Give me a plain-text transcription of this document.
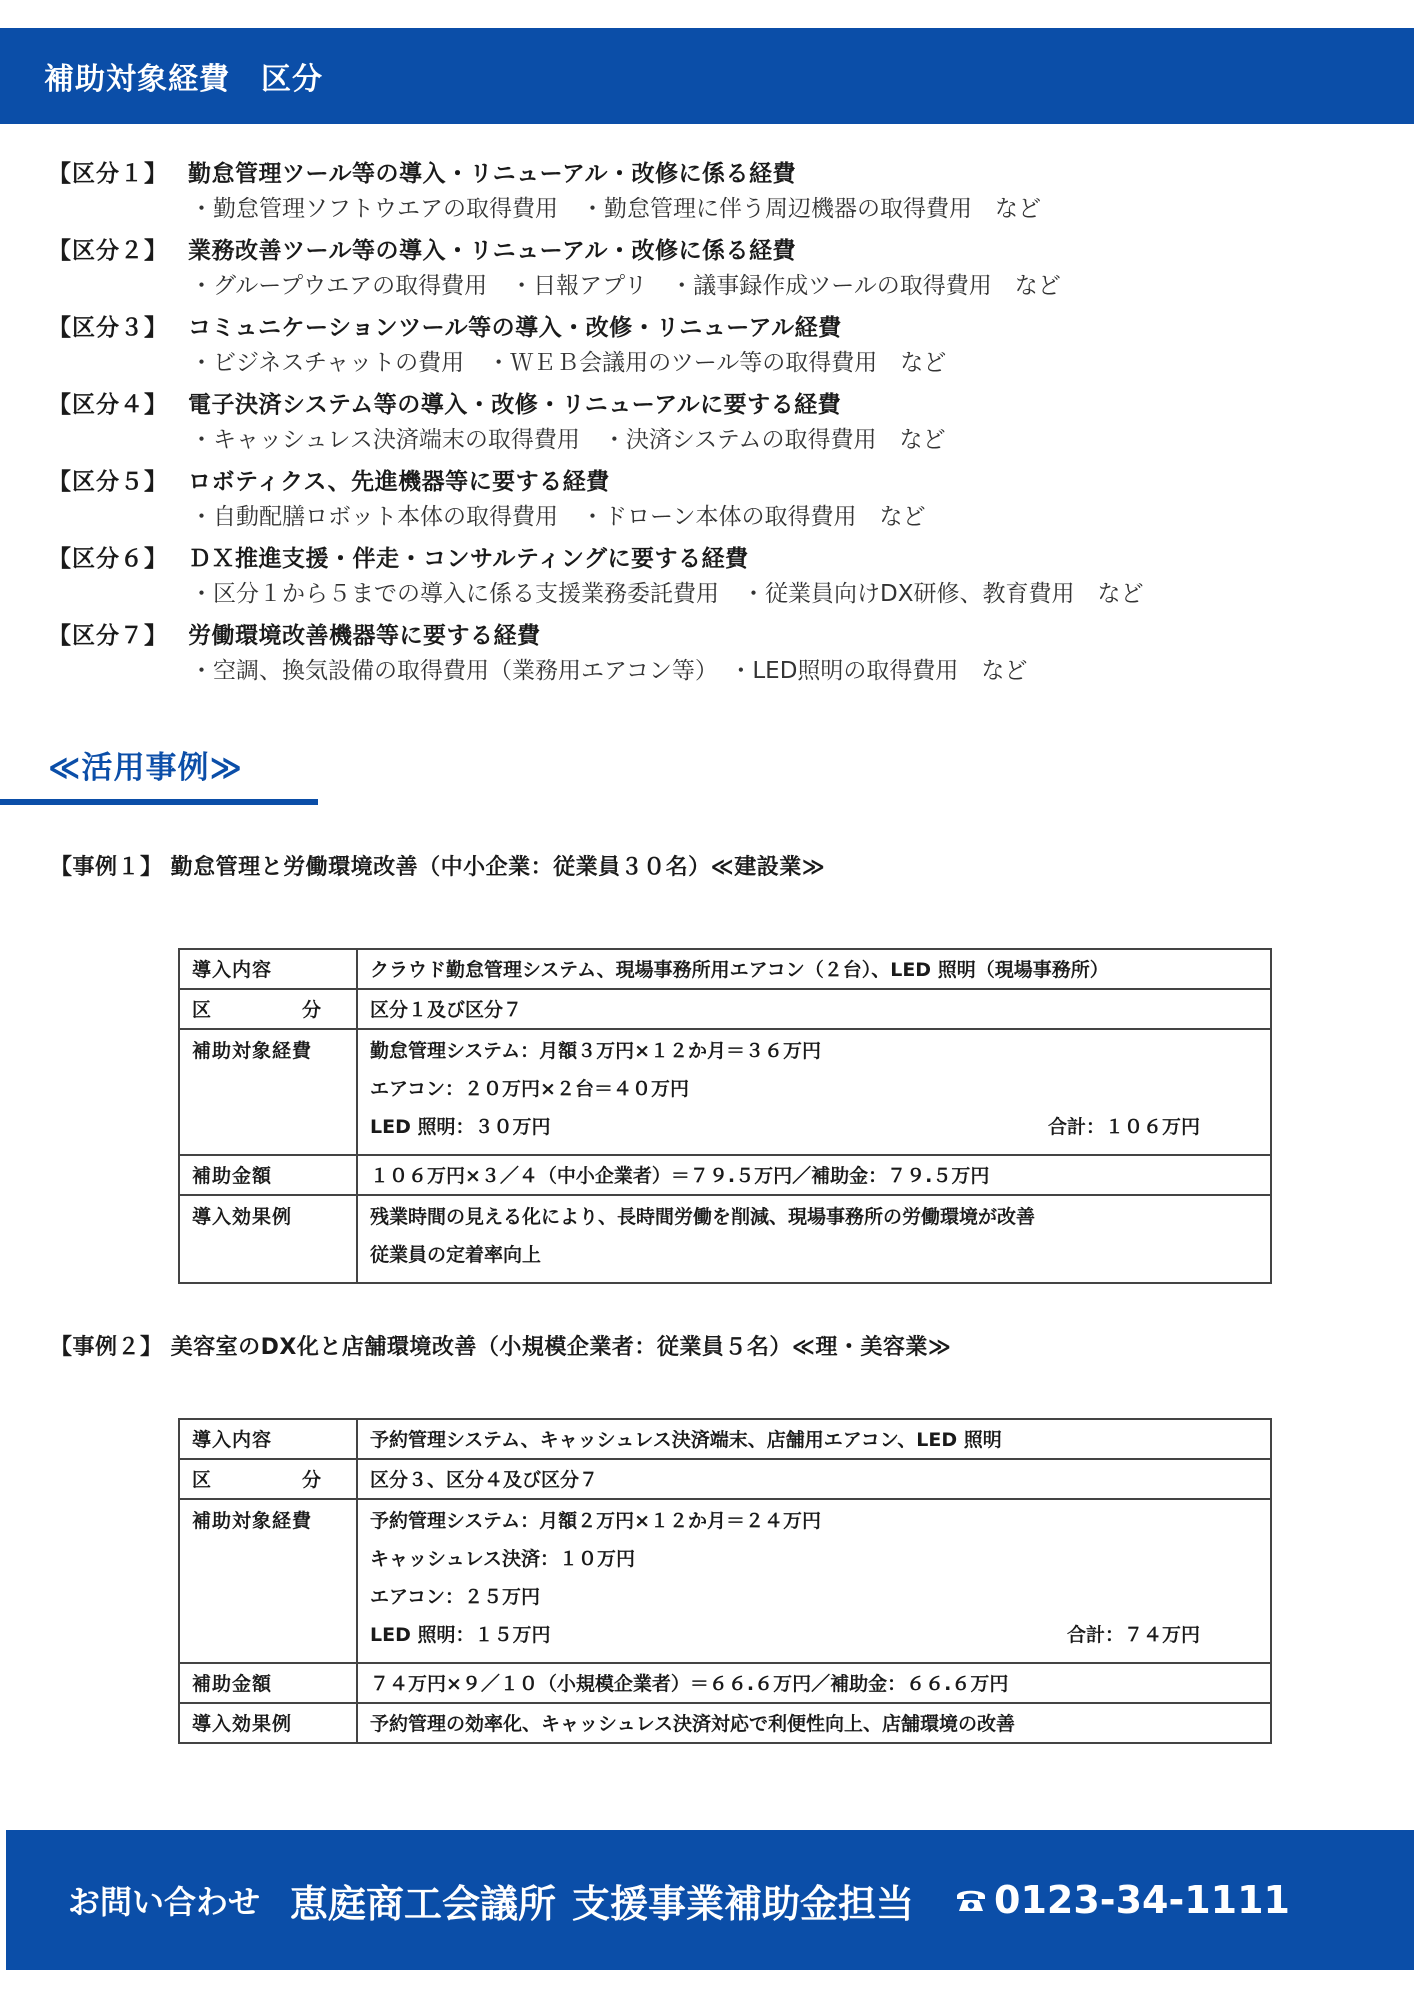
補助対象経費　区分
【区分１】 勤怠管理ツール等の導入・リニューアル・改修に係る経費
・勤怠管理ソフトウエアの取得費用　・勤怠管理に伴う周辺機器の取得費用　など
【区分２】 業務改善ツール等の導入・リニューアル・改修に係る経費
・グループウエアの取得費用　・日報アプリ　・議事録作成ツールの取得費用　など
【区分３】 コミュニケーションツール等の導入・改修・リニューアル経費
・ビジネスチャットの費用　・ＷＥＢ会議用のツール等の取得費用　など
【区分４】 電子決済システム等の導入・改修・リニューアルに要する経費
・キャッシュレス決済端末の取得費用　・決済システムの取得費用　など
【区分５】 ロボティクス、先進機器等に要する経費
・自動配膳ロボット本体の取得費用　・ドローン本体の取得費用　など
【区分６】 ＤＸ推進支援・伴走・コンサルティングに要する経費
・区分１から５までの導入に係る支援業務委託費用　・従業員向けDX研修、教育費用　など
【区分７】 労働環境改善機器等に要する経費
・空調、換気設備の取得費用（業務用エアコン等）　・LED照明の取得費用　など
≪活用事例≫
【事例１】 勤怠管理と労働環境改善（中小企業：従業員３０名）≪建設業≫
導入内容	クラウド勤怠管理システム、現場事務所用エアコン（２台）、LED 照明（現場事務所）

区 分	区分１及び区分７
補助対象経費	勤怠管理システム：月額３万円×１２か月＝３６万円
エアコン：２０万円×２台＝４０万円
LED 照明：３０万円 合計：１０６万円

補助金額	１０６万円×３／４（中小企業者）＝７９.５万円／補助金：７９.５万円

導入効果例	残業時間の見える化により、長時間労働を削減、現場事務所の労働環境が改善
従業員の定着率向上
【事例２】 美容室のDX化と店舗環境改善（小規模企業者：従業員５名）≪理・美容業≫
導入内容	予約管理システム、キャッシュレス決済端末、店舗用エアコン、LED 照明

区 分	区分３、区分４及び区分７
補助対象経費	予約管理システム：月額２万円×１２か月＝２４万円
キャッシュレス決済：１０万円
エアコン：２５万円
LED 照明：１５万円 合計：７４万円

補助金額	７４万円×９／１０（小規模企業者）＝６６.６万円／補助金：６６.６万円

導入効果例	予約管理の効率化、キャッシュレス決済対応で利便性向上、店舗環境の改善
お問い合わせ 恵庭商工会議所 支援事業補助金担当 0123-34-1111
